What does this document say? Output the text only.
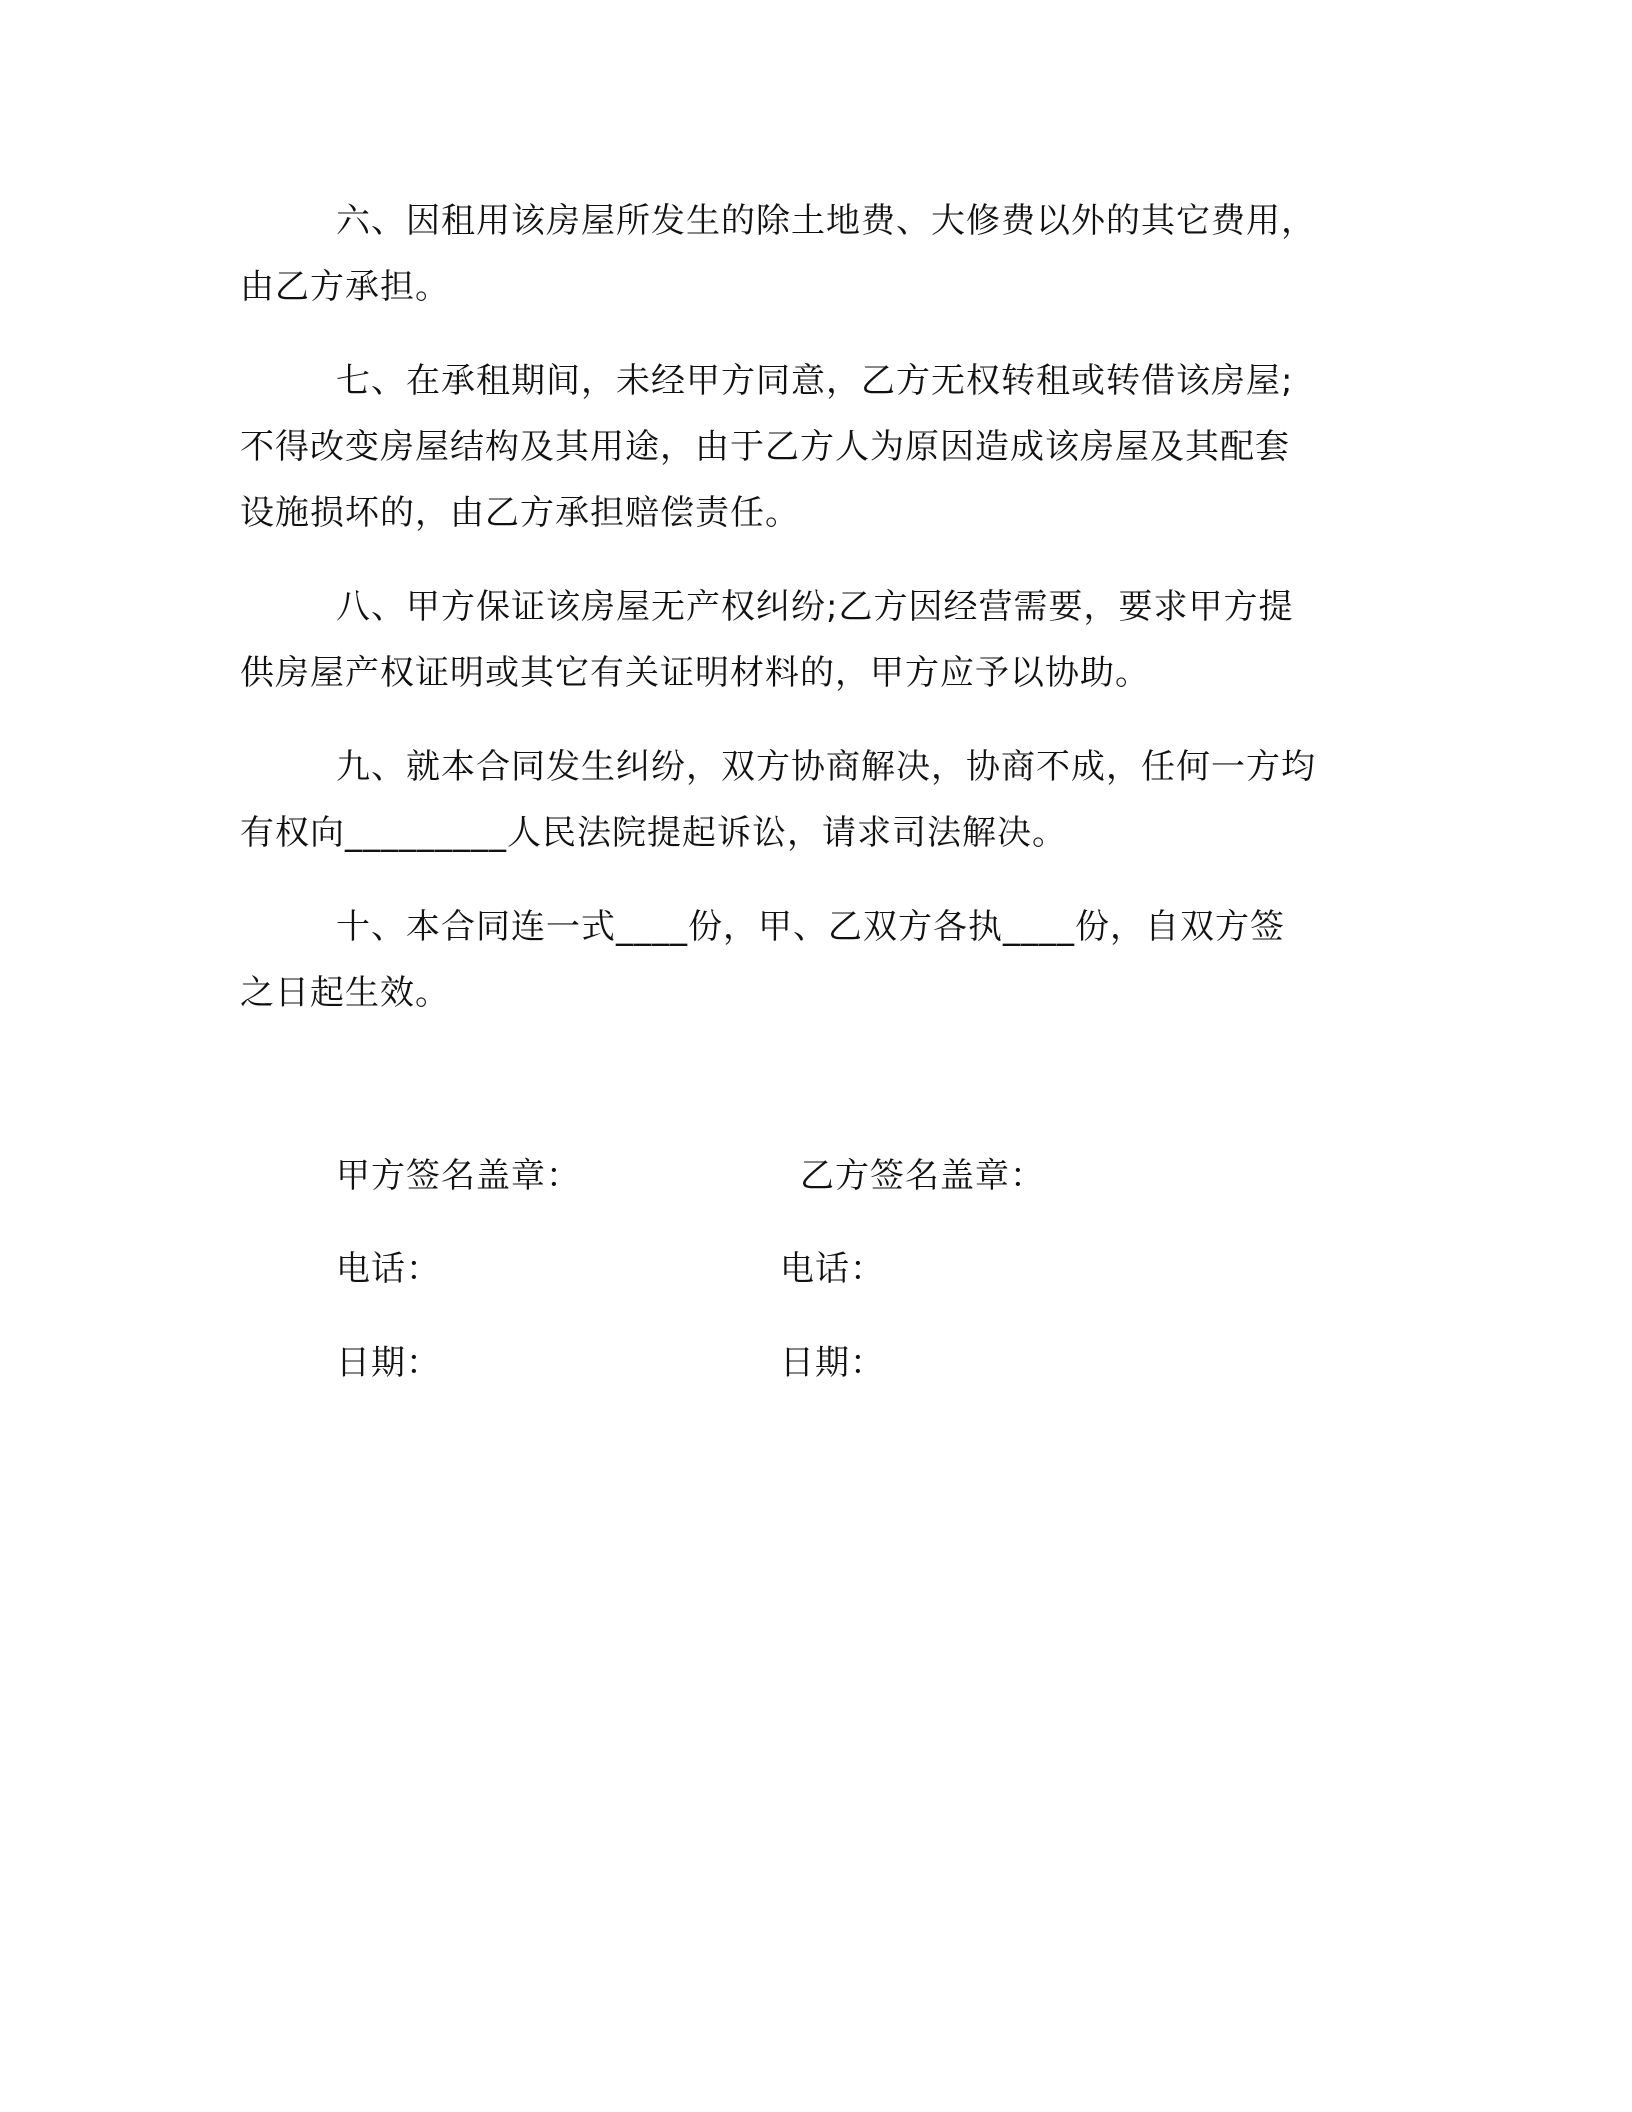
六、因租用该房屋所发生的除土地费、大修费以外的其它费用，
由乙方承担。
七、在承租期间，未经甲方同意，乙方无权转租或转借该房屋;
不得改变房屋结构及其用途，由于乙方人为原因造成该房屋及其配套
设施损坏的，由乙方承担赔偿责任。
八、甲方保证该房屋无产权纠纷;乙方因经营需要，要求甲方提
供房屋产权证明或其它有关证明材料的，甲方应予以协助。
九、就本合同发生纠纷，双方协商解决，协商不成，任何一方均
有权向_________人民法院提起诉讼，请求司法解决。
十、本合同连一式____份，甲、乙双方各执____份，自双方签
之日起生效。
甲方签名盖章：	乙方签名盖章：
电话：	电话：
日期：	日期：
